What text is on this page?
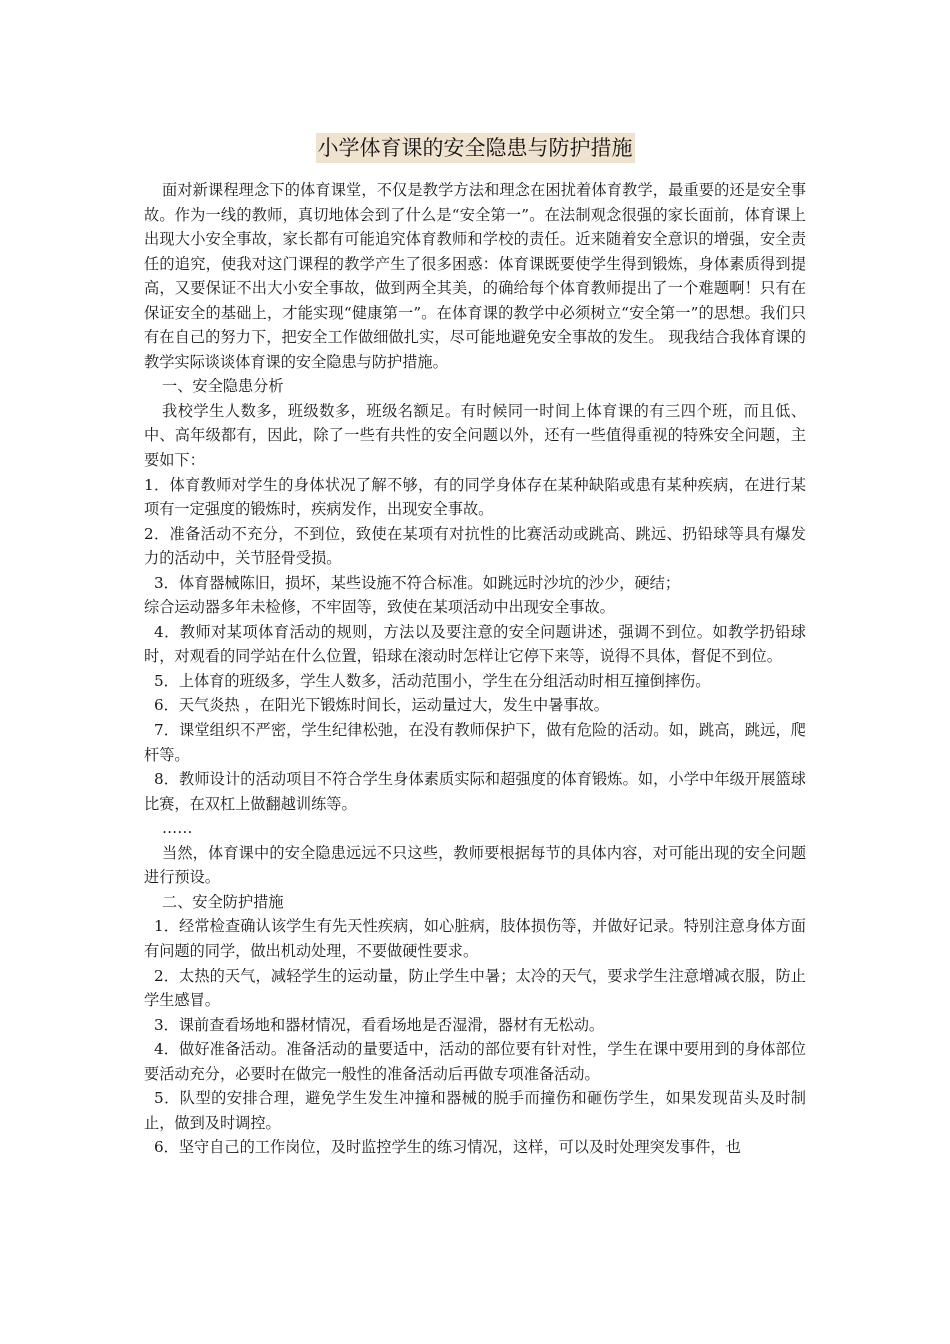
小学体育课的安全隐患与防护措施

面对新课程理念下的体育课堂，不仅是教学方法和理念在困扰着体育教学，最重要的还是安全事故。作为一线的教师，真切地体会到了什么是“安全第一”。在法制观念很强的家长面前，体育课上出现大小安全事故，家长都有可能追究体育教师和学校的责任。近来随着安全意识的增强，安全责任的追究，使我对这门课程的教学产生了很多困惑：体育课既要使学生得到锻炼，身体素质得到提高，又要保证不出大小安全事故，做到两全其美，的确给每个体育教师提出了一个难题啊！只有在保证安全的基础上，才能实现“健康第一”。在体育课的教学中必须树立“安全第一”的思想。我们只有在自己的努力下，把安全工作做细做扎实，尽可能地避免安全事故的发生。 现我结合我体育课的教学实际谈谈体育课的安全隐患与防护措施。

一、安全隐患分析

我校学生人数多，班级数多，班级名额足。有时候同一时间上体育课的有三四个班，而且低、中、高年级都有，因此，除了一些有共性的安全问题以外，还有一些值得重视的特殊安全问题，主要如下：

1．体育教师对学生的身体状况了解不够，有的同学身体存在某种缺陷或患有某种疾病，在进行某项有一定强度的锻炼时，疾病发作，出现安全事故。

2．准备活动不充分，不到位，致使在某项有对抗性的比赛活动或跳高、跳远、扔铅球等具有爆发力的活动中，关节胫骨受损。

3．体育器械陈旧，损坏，某些设施不符合标准。如跳远时沙坑的沙少，硬结；

综合运动器多年未检修，不牢固等，致使在某项活动中出现安全事故。

4．教师对某项体育活动的规则，方法以及要注意的安全问题讲述，强调不到位。如教学扔铅球时，对观看的同学站在什么位置，铅球在滚动时怎样让它停下来等，说得不具体，督促不到位。

5．上体育的班级多，学生人数多，活动范围小，学生在分组活动时相互撞倒摔伤。

6．天气炎热 ，在阳光下锻炼时间长，运动量过大，发生中暑事故。

7．课堂组织不严密，学生纪律松弛，在没有教师保护下，做有危险的活动。如，跳高，跳远，爬杆等。

8．教师设计的活动项目不符合学生身体素质实际和超强度的体育锻炼。如，小学中年级开展篮球比赛，在双杠上做翻越训练等。

……

当然，体育课中的安全隐患远远不只这些，教师要根据每节的具体内容，对可能出现的安全问题进行预设。

二、安全防护措施

1．经常检查确认该学生有先天性疾病，如心脏病，肢体损伤等，并做好记录。特别注意身体方面有问题的同学，做出机动处理，不要做硬性要求。

2．太热的天气，减轻学生的运动量，防止学生中暑；太冷的天气，要求学生注意增减衣服，防止学生感冒。

3．课前查看场地和器材情况，看看场地是否湿滑，器材有无松动。

4．做好准备活动。准备活动的量要适中，活动的部位要有针对性，学生在课中要用到的身体部位要活动充分，必要时在做完一般性的准备活动后再做专项准备活动。

5．队型的安排合理，避免学生发生冲撞和器械的脱手而撞伤和砸伤学生，如果发现苗头及时制止，做到及时调控。

6．坚守自己的工作岗位，及时监控学生的练习情况，这样，可以及时处理突发事件，也
